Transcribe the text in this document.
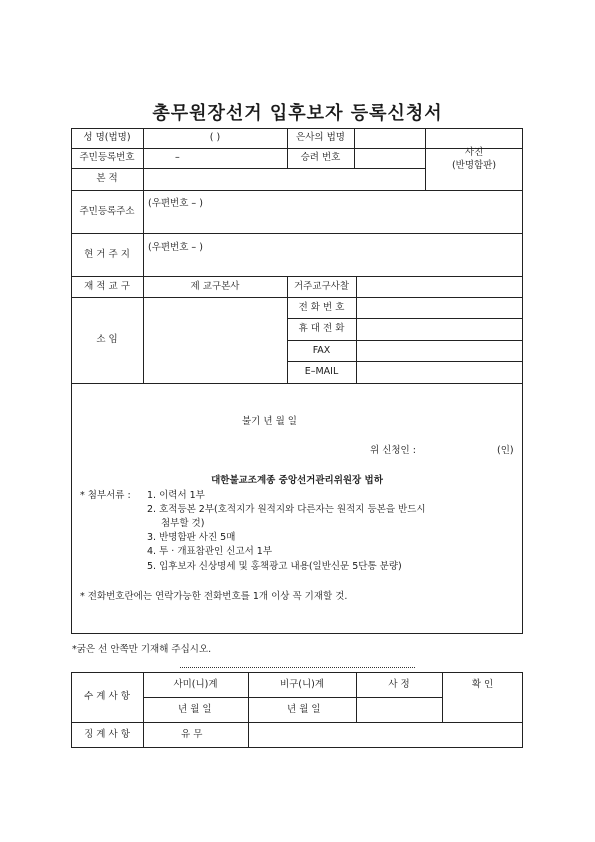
총무원장선거 입후보자 등록신청서
성 명(법명)	( )	은사의 법명
사진
(반명함판)
주민등록번호	–	승려 번호
본 적
주민등록주소
(우편번호 – )
현 거 주 지
(우편번호 – )
재 적 교 구	제 교구본사	거주교구사찰
소 임
전 화 번 호
휴 대 전 화
FAX
E–MAIL
불기 년 월 일
위 신청인 :	(인)
대한불교조계종 중앙선거관리위원장 법하
* 첨부서류 : 1. 이력서 1부
2. 호적등본 2부(호적지가 원적지와 다른자는 원적지 등본을 반드시
첨부할 것)
3. 반명함판 사진 5매
4. 투 · 개표참관인 신고서 1부
5. 입후보자 신상명세 및 홍책광고 내용(일반신문 5단통 분량)
* 전화번호란에는 연락가능한 전화번호를 1개 이상 꼭 기재할 것.
*굵은 선 안쪽만 기재해 주십시오.
수 계 사 항
사미(니)계	비구(니)계	사 정	확 인
년 월 일	년 월 일
징 계 사 항	유 무
